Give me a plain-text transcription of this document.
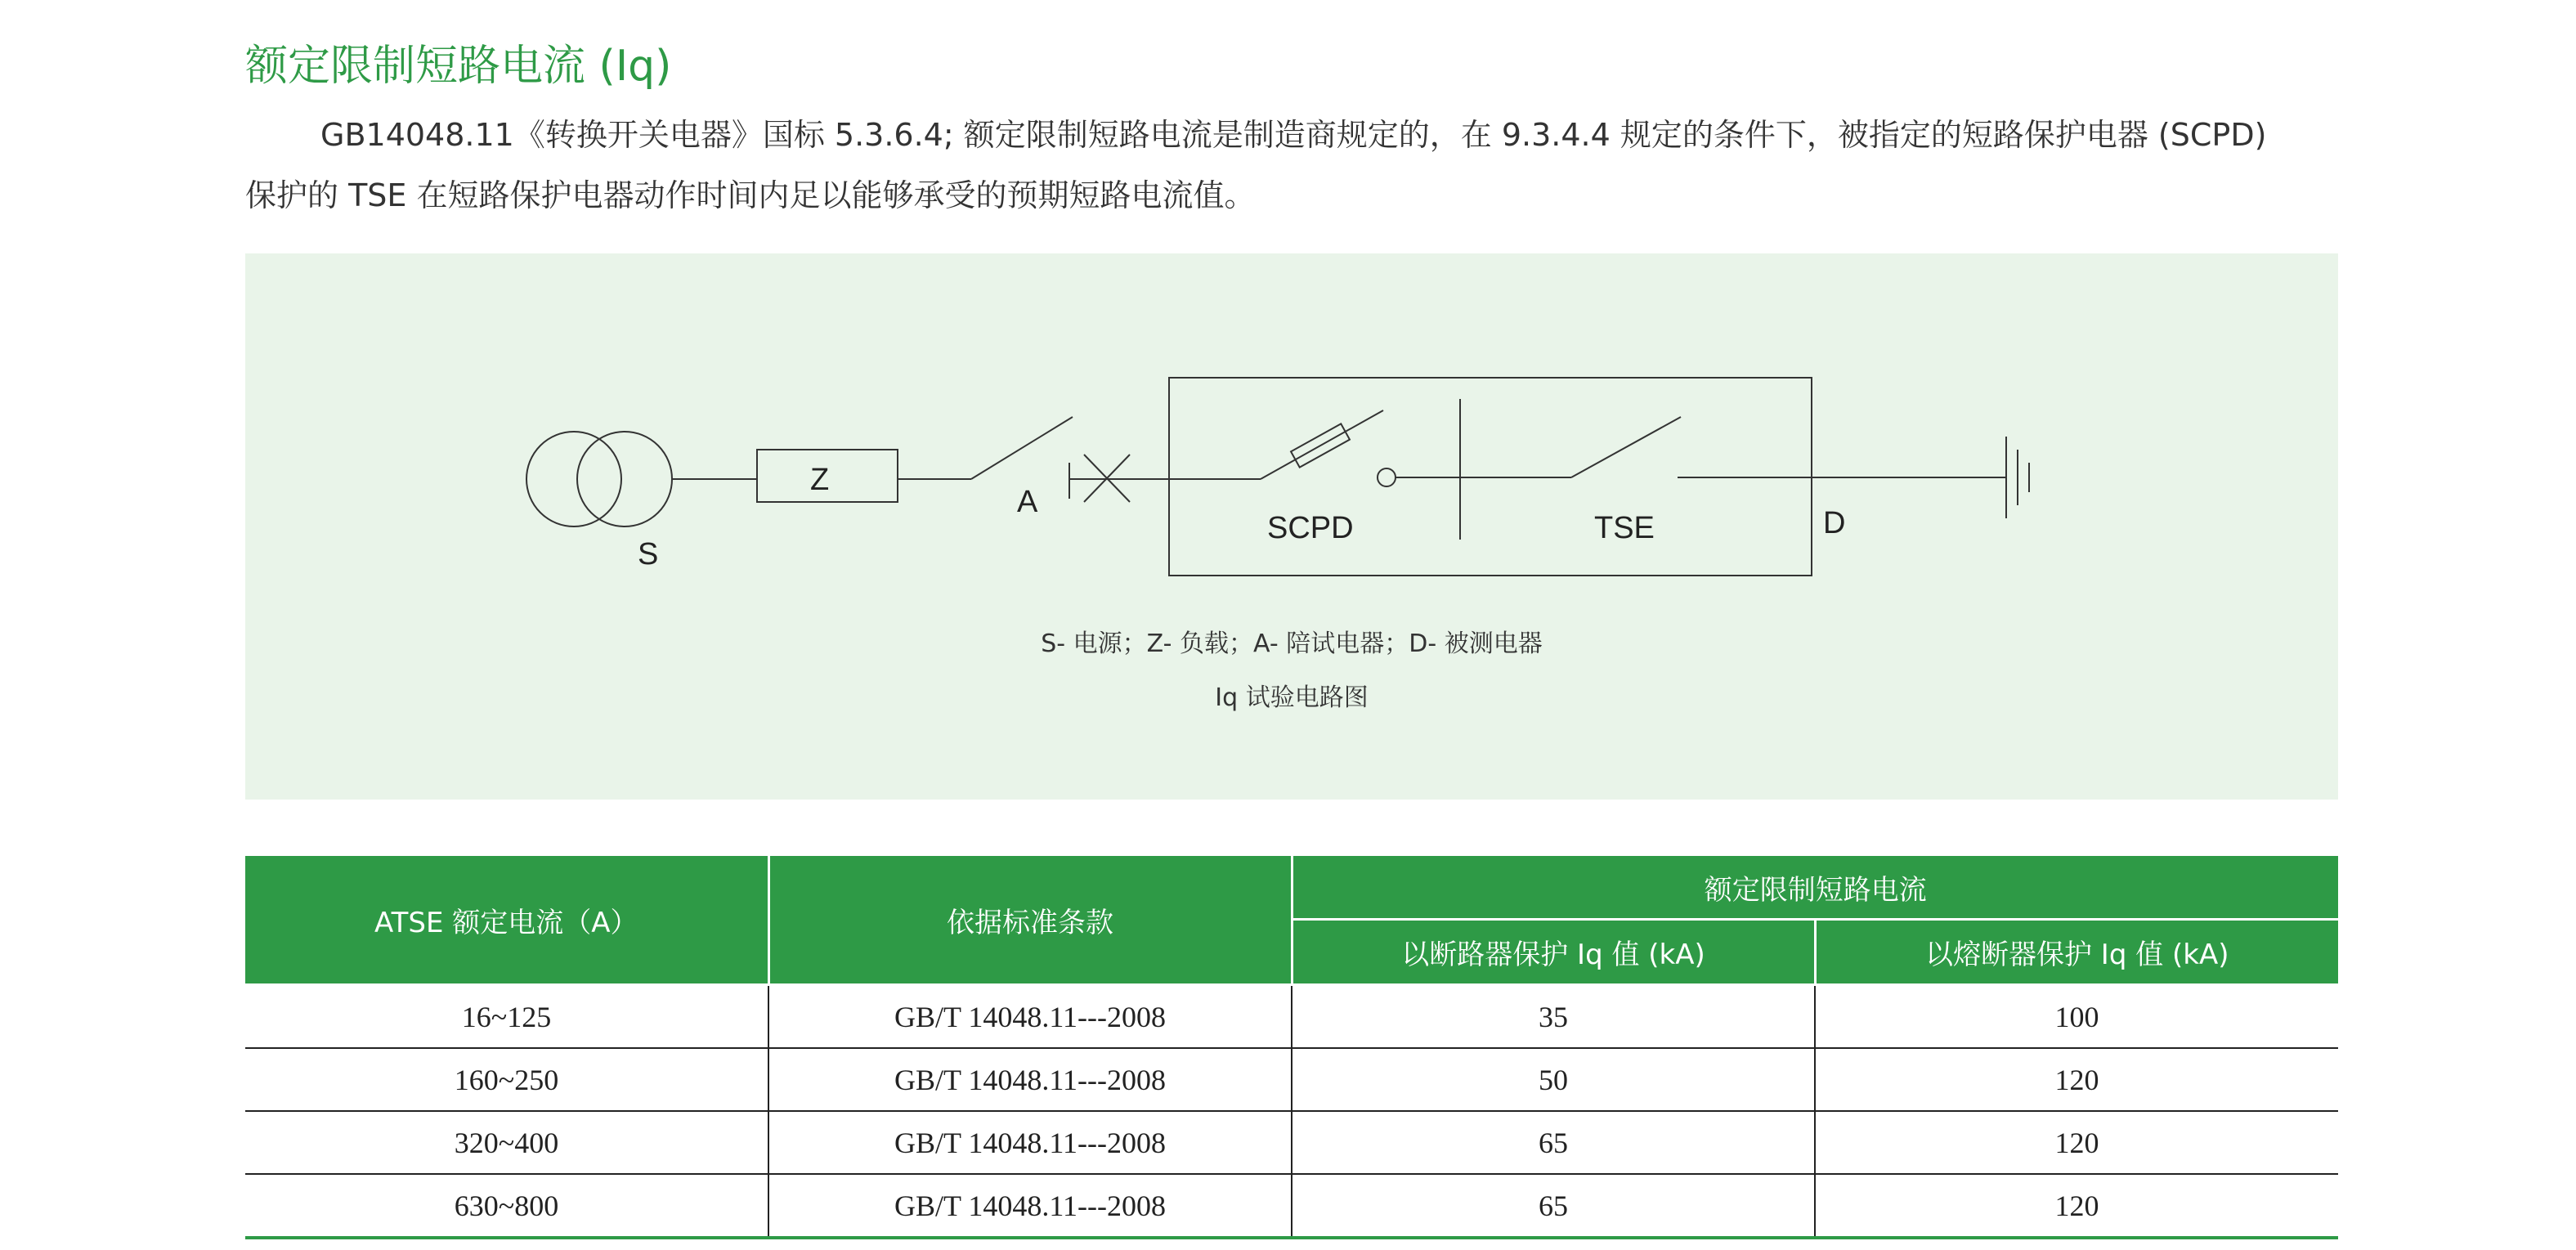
额定限制短路电流 (Iq)

GB14048.11《转换开关电器》国标 5.3.6.4; 额定限制短路电流是制造商规定的，在 9.3.4.4 规定的条件下，被指定的短路保护电器 (SCPD)

保护的 TSE 在短路保护电器动作时间内足以能够承受的预期短路电流值。

S
Z
A
SCPD	TSE	D
S- 电源；Z- 负载；A- 陪试电器；D- 被测电器
Iq 试验电路图
ATSE 额定电流（A）	依据标准条款	额定限制短路电流	
		以断路器保护 Iq 值 (kA)	以熔断器保护 Iq 值 (kA)
16~125	GB/T 14048.11---2008	35	100
160~250	GB/T 14048.11---2008	50	120
320~400	GB/T 14048.11---2008	65	120
630~800	GB/T 14048.11---2008	65	120
